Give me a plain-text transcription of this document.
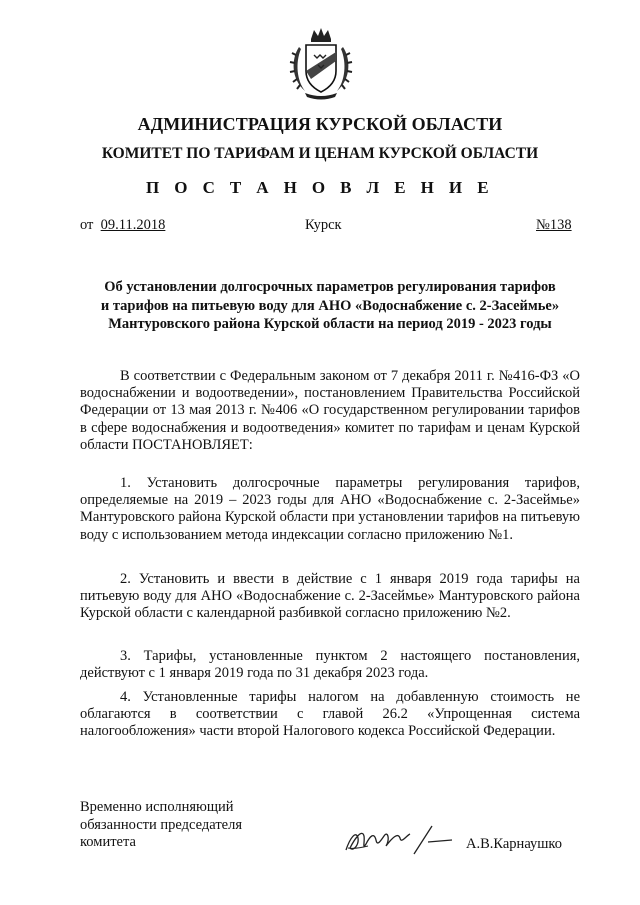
АДМИНИСТРАЦИЯ КУРСКОЙ ОБЛАСТИ
КОМИТЕТ ПО ТАРИФАМ И ЦЕНАМ КУРСКОЙ ОБЛАСТИ
П О С Т А Н О В Л Е Н И Е
от 09.11.2018	Курск	№138
Об установлении долгосрочных параметров регулирования тарифов
и тарифов на питьевую воду для АНО «Водоснабжение с. 2-Засеймье»
Мантуровского района Курской области на период 2019 - 2023 годы

В соответствии с Федеральным законом от 7 декабря 2011 г. №416-ФЗ «О водоснабжении и водоотведении», постановлением Правительства Российской Федерации от 13 мая 2013 г. №406 «О государственном регулировании тарифов в сфере водоснабжения и водоотведения» комитет по тарифам и ценам Курской области ПОСТАНОВЛЯЕТ:

1. Установить долгосрочные параметры регулирования тарифов, определяемые на 2019 – 2023 годы для АНО «Водоснабжение с. 2-Засеймье» Мантуровского района Курской области при установлении тарифов на питьевую воду с использованием метода индексации согласно приложению №1.

2. Установить и ввести в действие с 1 января 2019 года тарифы на питьевую воду для АНО «Водоснабжение с. 2-Засеймье» Мантуровского района Курской области с календарной разбивкой согласно приложению №2.

3. Тарифы, установленные пунктом 2 настоящего постановления, действуют с 1 января 2019 года по 31 декабря 2023 года.

4. Установленные тарифы налогом на добавленную стоимость не облагаются в соответствии с главой 26.2 «Упрощенная система налогообложения» части второй Налогового кодекса Российской Федерации.

Временно исполняющий
обязанности председателя
комитета	А.В.Карнаушко
